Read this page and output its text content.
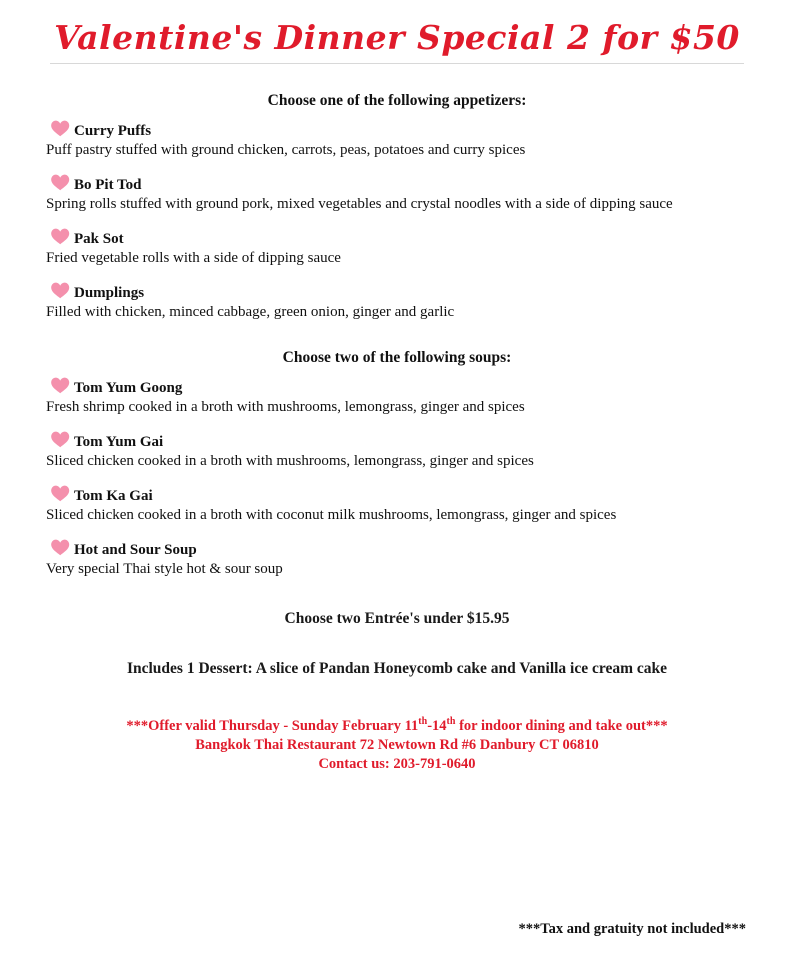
Valentine's Dinner Special 2 for $50
Choose one of the following appetizers:
Curry Puffs
Puff pastry stuffed with ground chicken, carrots, peas, potatoes and curry spices
Bo Pit Tod
Spring rolls stuffed with ground pork, mixed vegetables and crystal noodles with a side of dipping sauce
Pak Sot
Fried vegetable rolls with a side of dipping sauce
Dumplings
Filled with chicken, minced cabbage, green onion, ginger and garlic
Choose two of the following soups:
Tom Yum Goong
Fresh shrimp cooked in a broth with mushrooms, lemongrass, ginger and spices
Tom Yum Gai
Sliced chicken cooked in a broth with mushrooms, lemongrass, ginger and spices
Tom Ka Gai
Sliced chicken cooked in a broth with coconut milk mushrooms, lemongrass, ginger and spices
Hot and Sour Soup
Very special Thai style hot & sour soup
Choose two Entrée's under $15.95
Includes 1 Dessert: A slice of Pandan Honeycomb cake and Vanilla ice cream cake
***Offer valid Thursday - Sunday February 11th-14th for indoor dining and take out***
Bangkok Thai Restaurant 72 Newtown Rd #6 Danbury CT 06810
Contact us: 203-791-0640
***Tax and gratuity not included***
